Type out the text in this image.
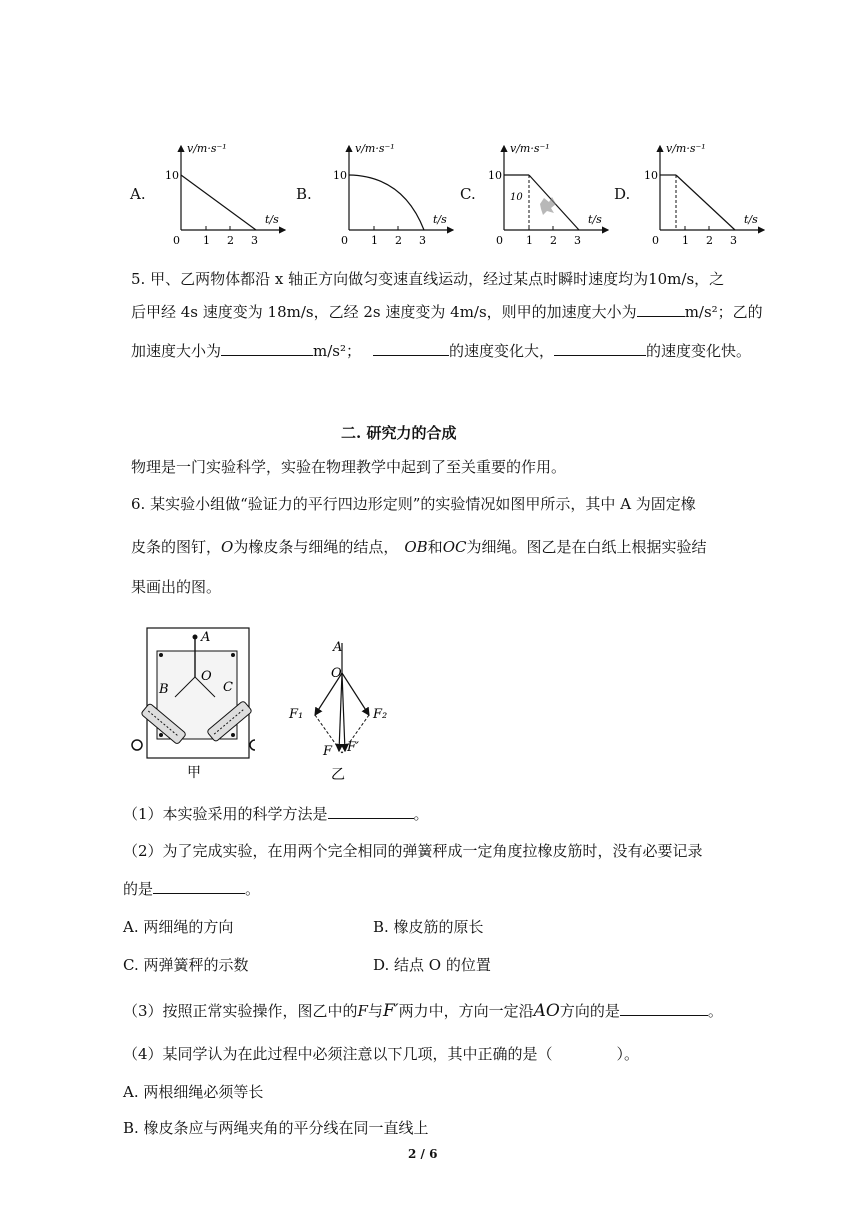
A.
v/m·s⁻¹
t/s
10
0 1 2 3
B.
v/m·s⁻¹
t/s
10
0 1 2 3
C.
v/m·s⁻¹
t/s
10
0 1 2 3
10	D.
v/m·s⁻¹
t/s
10
0 1 2 3
5. 甲、乙两物体都沿 x 轴正方向做匀变速直线运动，经过某点时瞬时速度均为10m/s，之
后甲经 4s 速度变为 18m/s，乙经 2s 速度变为 4m/s，则甲的加速度大小为	m/s²；乙的
加速度大小为	m/s²；	的速度变化大，	的速度变化快。
二. 研究力的合成
物理是一门实验科学，实验在物理教学中起到了至关重要的作用。
6. 某实验小组做“验证力的平行四边形定则”的实验情况如图甲所示，其中 A 为固定橡
皮条的图钉，O为橡皮条与细绳的结点， OB和OC为细绳。图乙是在白纸上根据实验结
果画出的图。
A
O
B	C
甲
A
O
F₁	F₂
F F′
乙
（1）本实验采用的科学方法是	。
（2）为了完成实验，在用两个完全相同的弹簧秤成一定角度拉橡皮筋时，没有必要记录
的是	。
A. 两细绳的方向	B. 橡皮筋的原长
C. 两弹簧秤的示数	D. 结点 O 的位置
（3）按照正常实验操作，图乙中的F与F′两力中，方向一定沿AO方向的是	。
（4）某同学认为在此过程中必须注意以下几项，其中正确的是（	）。
A. 两根细绳必须等长
B. 橡皮条应与两绳夹角的平分线在同一直线上
2 / 6
